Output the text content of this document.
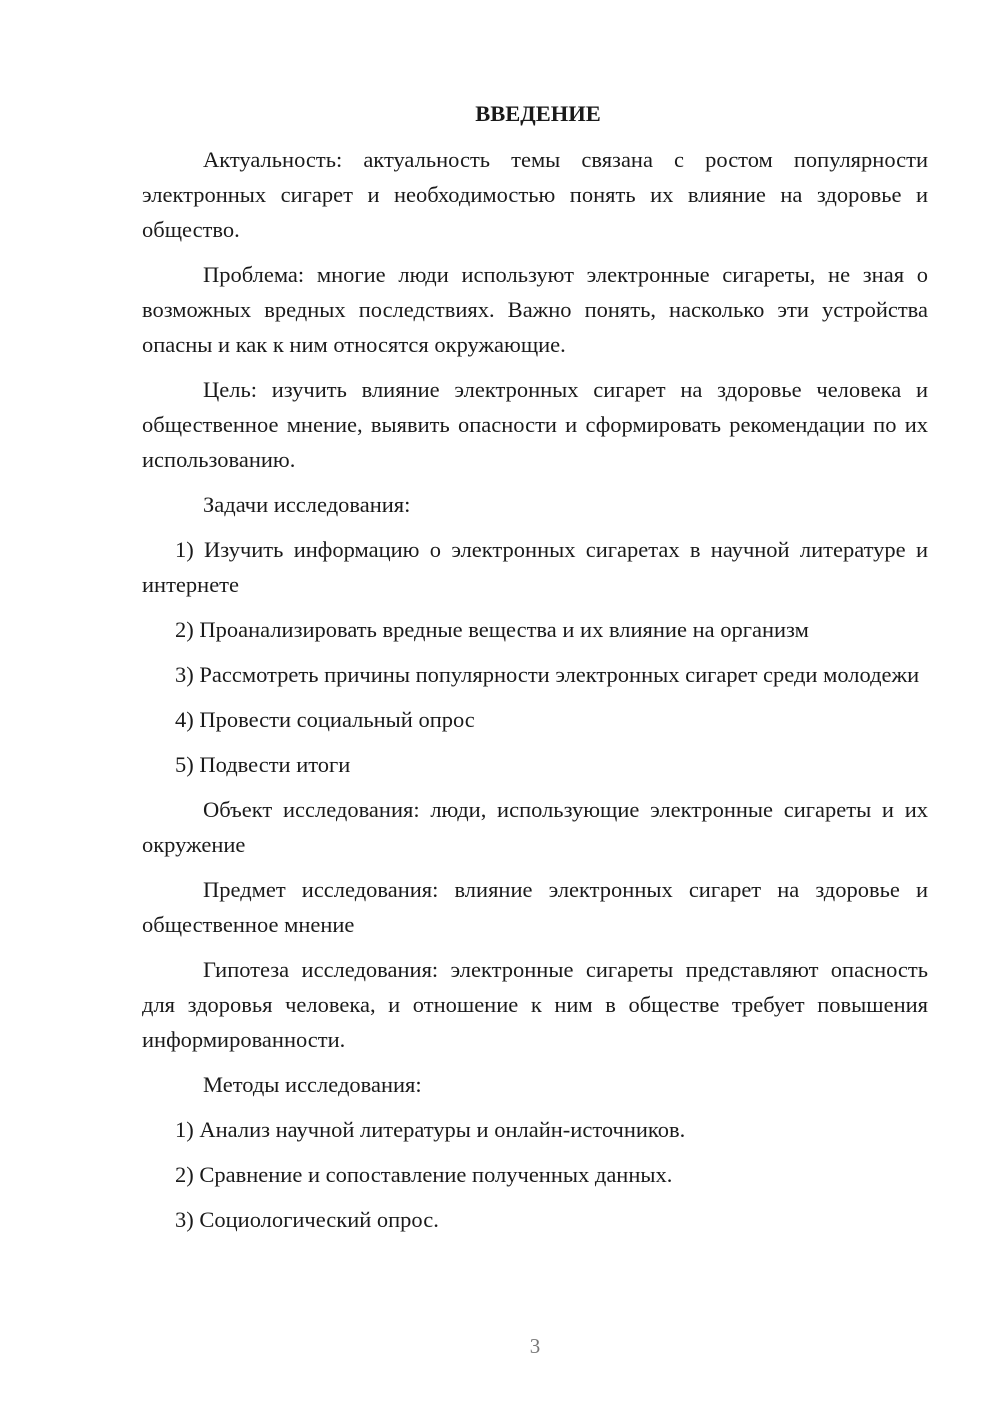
ВВЕДЕНИЕ

Актуальность: актуальность темы связана с ростом популярности электронных сигарет и необходимостью понять их влияние на здоровье и общество.

Проблема: многие люди используют электронные сигареты, не зная о возможных вредных последствиях. Важно понять, насколько эти устройства опасны и как к ним относятся окружающие.

Цель: изучить влияние электронных сигарет на здоровье человека и общественное мнение, выявить опасности и сформировать рекомендации по их использованию.

Задачи исследования:

1) Изучить информацию о электронных сигаретах в научной литературе и интернете

2) Проанализировать вредные вещества и их влияние на организм

3) Рассмотреть причины популярности электронных сигарет среди молодежи

4) Провести социальный опрос

5) Подвести итоги

Объект исследования: люди, использующие электронные сигареты и их окружение

Предмет исследования: влияние электронных сигарет на здоровье и общественное мнение

Гипотеза исследования: электронные сигареты представляют опасность для здоровья человека, и отношение к ним в обществе требует повышения информированности.

Методы исследования:

1) Анализ научной литературы и онлайн-источников.

2) Сравнение и сопоставление полученных данных.

3) Социологический опрос.

3
